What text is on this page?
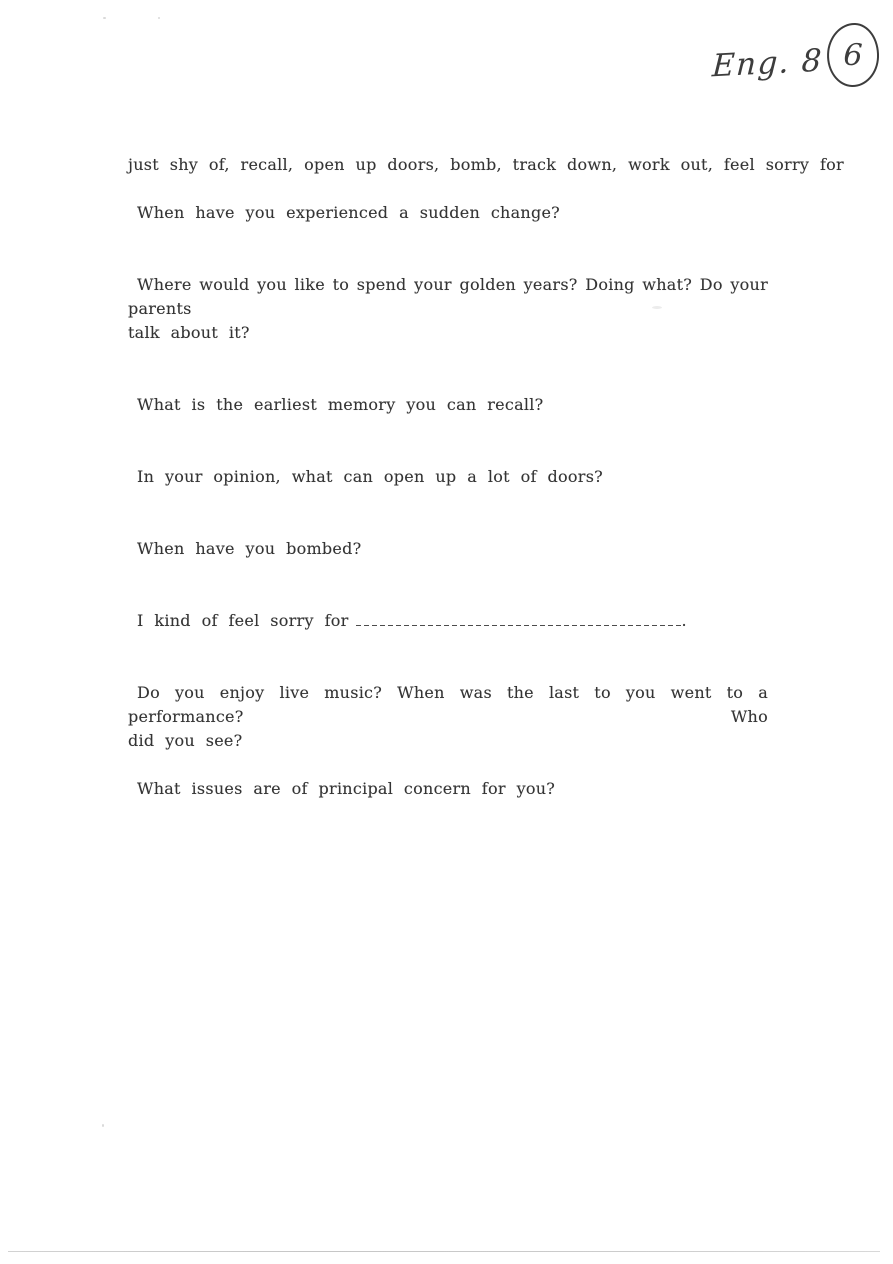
Eng. 8 6
just shy of, recall, open up doors, bomb, track down, work out, feel sorry for
When have you experienced a sudden change?
Where would you like to spend your golden years? Doing what? Do your parents
talk about it?
What is the earliest memory you can recall?
In your opinion, what can open up a lot of doors?
When have you bombed?
I kind of feel sorry for	.
Do you enjoy live music? When was the last to you went to a performance? Who
did you see?
What issues are of principal concern for you?
